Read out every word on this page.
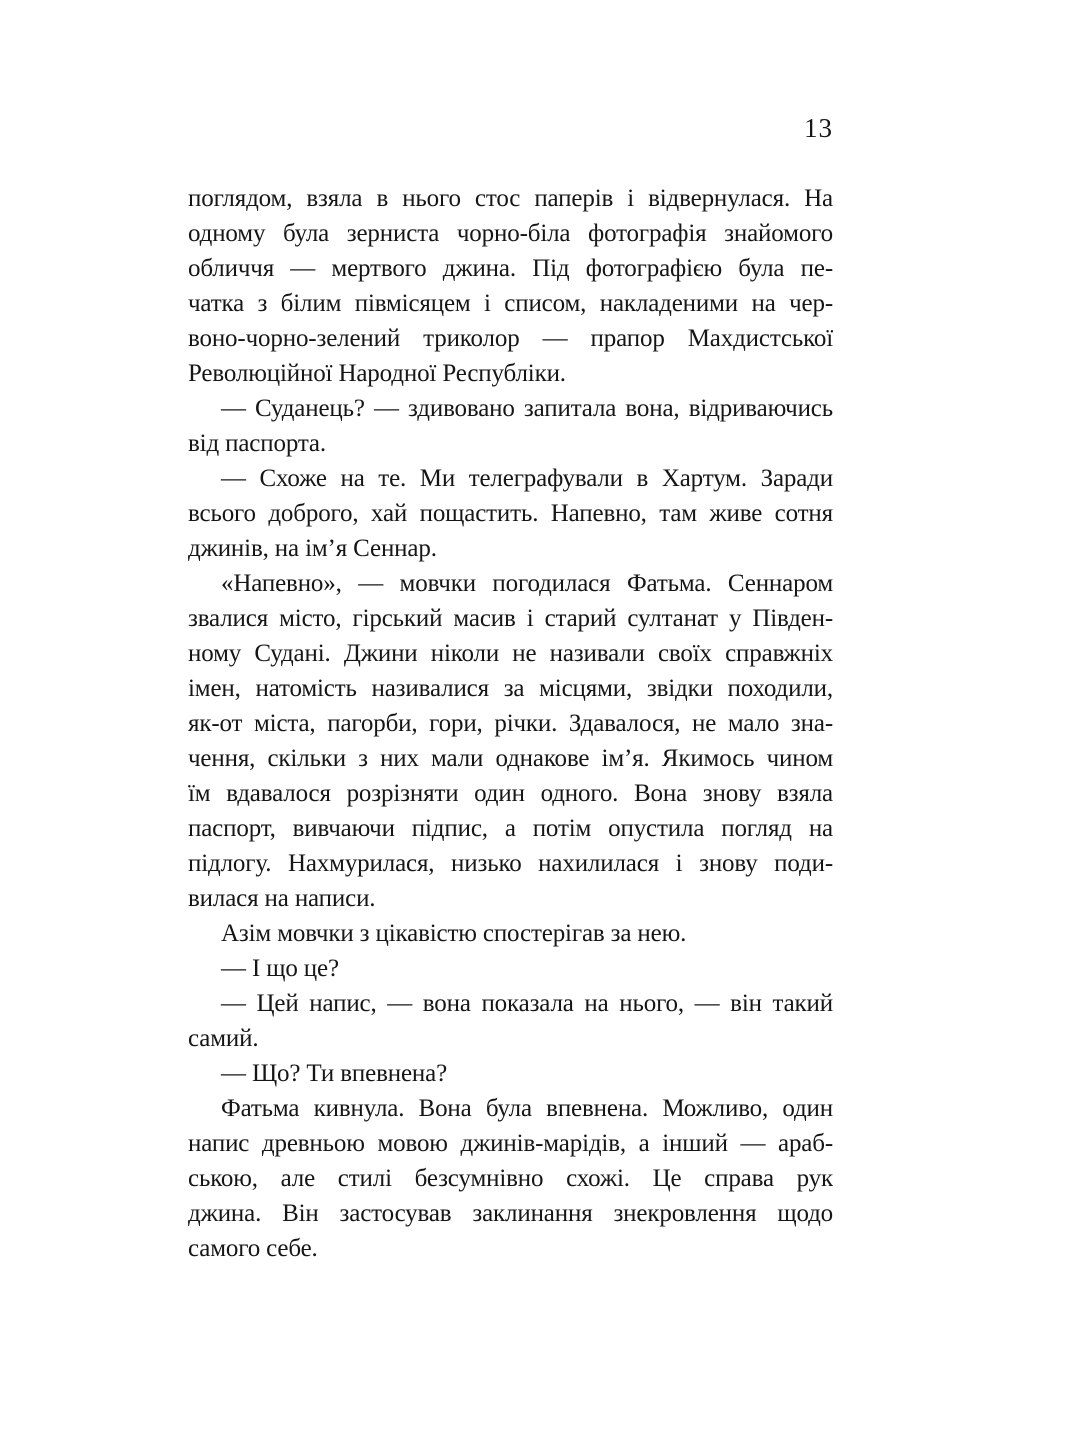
13
поглядом, взяла в нього стос паперів і відвернулася. На
одному була зерниста чорно-біла фотографія знайомого
обличчя — мертвого джина. Під фотографією була пе-
чатка з білим півмісяцем і списом, накладеними на чер-
воно-чорно-зелений триколор — прапор Махдистської
Революційної Народної Республіки.
— Суданець? — здивовано запитала вона, відриваючись
від паспорта.
— Схоже на те. Ми телеграфували в Хартум. Заради
всього доброго, хай пощастить. Напевно, там живе сотня
джинів, на ім’я Сеннар.
«Напевно», — мовчки погодилася Фатьма. Сеннаром
звалися місто, гірський масив і старий султанат у Півден-
ному Судані. Джини ніколи не називали своїх справжніх
імен, натомість називалися за місцями, звідки походили,
як-от міста, пагорби, гори, річки. Здавалося, не мало зна-
чення, скільки з них мали однакове ім’я. Якимось чином
їм вдавалося розрізняти один одного. Вона знову взяла
паспорт, вивчаючи підпис, а потім опустила погляд на
підлогу. Нахмурилася, низько нахилилася і знову поди-
вилася на написи.
Азім мовчки з цікавістю спостерігав за нею.
— І що це?
— Цей напис, — вона показала на нього, — він такий
самий.
— Що? Ти впевнена?
Фатьма кивнула. Вона була впевнена. Можливо, один
напис древньою мовою джинів-марідів, а інший — араб-
ською, але стилі безсумнівно схожі. Це справа рук
джина. Він застосував заклинання знекровлення щодо
самого себе.
